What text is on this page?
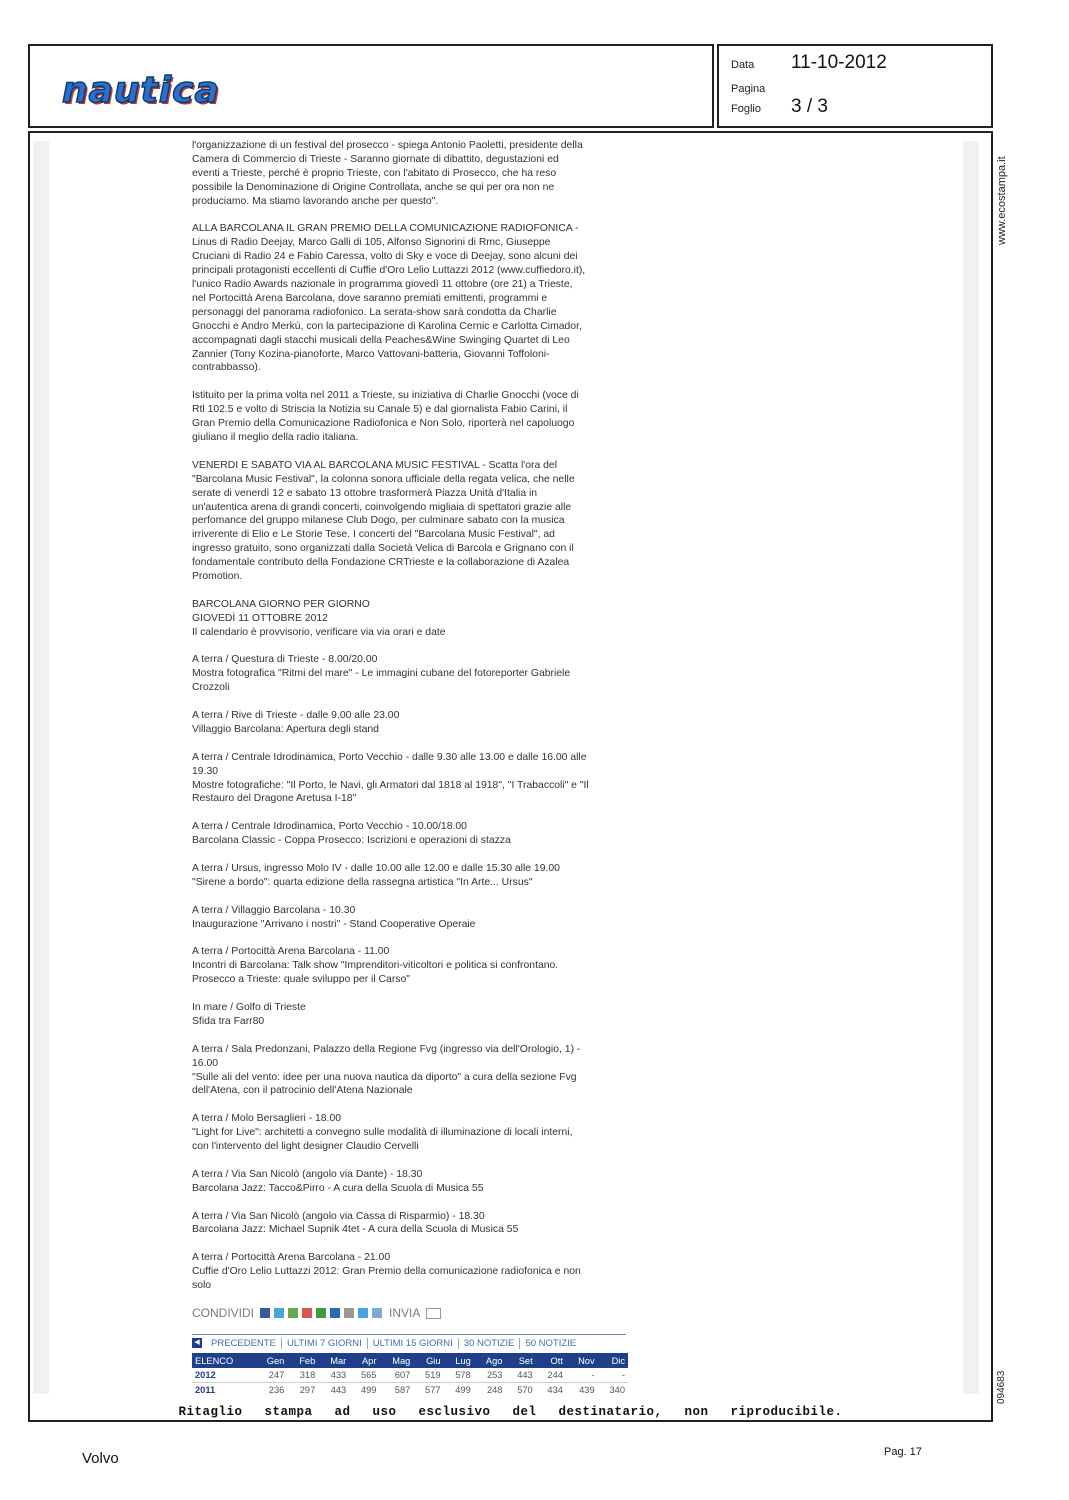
nautica
Data 11-10-2012
Pagina
Foglio 3 / 3
www.ecostampa.it
094683
l'organizzazione di un festival del prosecco - spiega Antonio Paoletti, presidente della
Camera di Commercio di Trieste - Saranno giornate di dibattito, degustazioni ed
eventi a Trieste, perché è proprio Trieste, con l'abitato di Prosecco, che ha reso
possibile la Denominazione di Origine Controllata, anche se qui per ora non ne
produciamo. Ma stiamo lavorando anche per questo".
ALLA BARCOLANA IL GRAN PREMIO DELLA COMUNICAZIONE RADIOFONICA -
Linus di Radio Deejay, Marco Galli di 105, Alfonso Signorini di Rmc, Giuseppe
Cruciani di Radio 24 e Fabio Caressa, volto di Sky e voce di Deejay, sono alcuni dei
principali protagonisti eccellenti di Cuffie d'Oro Lelio Luttazzi 2012 (www.cuffiedoro.it),
l'unico Radio Awards nazionale in programma giovedì 11 ottobre (ore 21) a Trieste,
nel Portocittà Arena Barcolana, dove saranno premiati emittenti, programmi e
personaggi del panorama radiofonico. La serata-show sarà condotta da Charlie
Gnocchi e Andro Merkù, con la partecipazione di Karolina Cernic e Carlotta Cimador,
accompagnati dagli stacchi musicali della Peaches&Wine Swinging Quartet di Leo
Zannier (Tony Kozina-pianoforte, Marco Vattovani-batteria, Giovanni Toffoloni-
contrabbasso).
Istituito per la prima volta nel 2011 a Trieste, su iniziativa di Charlie Gnocchi (voce di
Rtl 102.5 e volto di Striscia la Notizia su Canale 5) e dal giornalista Fabio Carini, il
Gran Premio della Comunicazione Radiofonica e Non Solo, riporterà nel capoluogo
giuliano il meglio della radio italiana.
VENERDI E SABATO VIA AL BARCOLANA MUSIC FESTIVAL - Scatta l'ora del
"Barcolana Music Festival", la colonna sonora ufficiale della regata velica, che nelle
serate di venerdì 12 e sabato 13 ottobre trasformerà Piazza Unità d'Italia in
un'autentica arena di grandi concerti, coinvolgendo migliaia di spettatori grazie alle
perfomance del gruppo milanese Club Dogo, per culminare sabato con la musica
irriverente di Elio e Le Storie Tese. I concerti del "Barcolana Music Festival", ad
ingresso gratuito, sono organizzati dalla Società Velica di Barcola e Grignano con il
fondamentale contributo della Fondazione CRTrieste e la collaborazione di Azalea
Promotion.
BARCOLANA GIORNO PER GIORNO
GIOVEDÌ 11 OTTOBRE 2012
Il calendario è provvisorio, verificare via via orari e date
A terra / Questura di Trieste - 8.00/20.00
Mostra fotografica "Ritmi del mare" - Le immagini cubane del fotoreporter Gabriele
Crozzoli
A terra / Rive di Trieste - dalle 9.00 alle 23.00
Villaggio Barcolana: Apertura degli stand
A terra / Centrale Idrodinamica, Porto Vecchio - dalle 9.30 alle 13.00 e dalle 16.00 alle
19.30
Mostre fotografiche: "Il Porto, le Navi, gli Armatori dal 1818 al 1918", "I Trabaccoli" e "Il
Restauro del Dragone Aretusa I-18"
A terra / Centrale Idrodinamica, Porto Vecchio - 10.00/18.00
Barcolana Classic - Coppa Prosecco: Iscrizioni e operazioni di stazza
A terra / Ursus, ingresso Molo IV - dalle 10.00 alle 12.00 e dalle 15.30 alle 19.00
"Sirene a bordo": quarta edizione della rassegna artistica "In Arte... Ursus"
A terra / Villaggio Barcolana - 10.30
Inaugurazione "Arrivano i nostri" - Stand Cooperative Operaie
A terra / Portocittà Arena Barcolana - 11.00
Incontri di Barcolana: Talk show "Imprenditori-viticoltori e politica si confrontano.
Prosecco a Trieste: quale sviluppo per il Carso"
In mare / Golfo di Trieste
Sfida tra Farr80
A terra / Sala Predonzani, Palazzo della Regione Fvg (ingresso via dell'Orologio, 1) -
16.00
"Sulle ali del vento: idee per una nuova nautica da diporto" a cura della sezione Fvg
dell'Atena, con il patrocinio dell'Atena Nazionale
A terra / Molo Bersaglieri - 18.00
"Light for Live": architetti a convegno sulle modalità di illuminazione di locali interni,
con l'intervento del light designer Claudio Cervelli
A terra / Via San Nicolò (angolo via Dante) - 18.30
Barcolana Jazz: Tacco&Pirro - A cura della Scuola di Musica 55
A terra / Via San Nicolò (angolo via Cassa di Risparmio) - 18.30
Barcolana Jazz: Michael Supnik 4tet - A cura della Scuola di Musica 55
A terra / Portocittà Arena Barcolana - 21.00
Cuffie d'Oro Lelio Luttazzi 2012: Gran Premio della comunicazione radiofonica e non
solo
CONDIVIDI	INVIA
◀	PRECEDENTE	ULTIMI 7 GIORNI	ULTIMI 15 GIORNI	30 NOTIZIE	50 NOTIZIE
ELENCO	Gen	Feb	Mar	Apr	Mag	Giu	Lug	Ago	Set	Ott	Nov	Dic
2012	247	318	433	565	607	519	578	253	443	244	-	-
2011	236	297	443	499	587	577	499	248	570	434	439	340
Ritaglio stampa ad uso esclusivo del destinatario, non riproducibile.
Volvo	Pag. 17
